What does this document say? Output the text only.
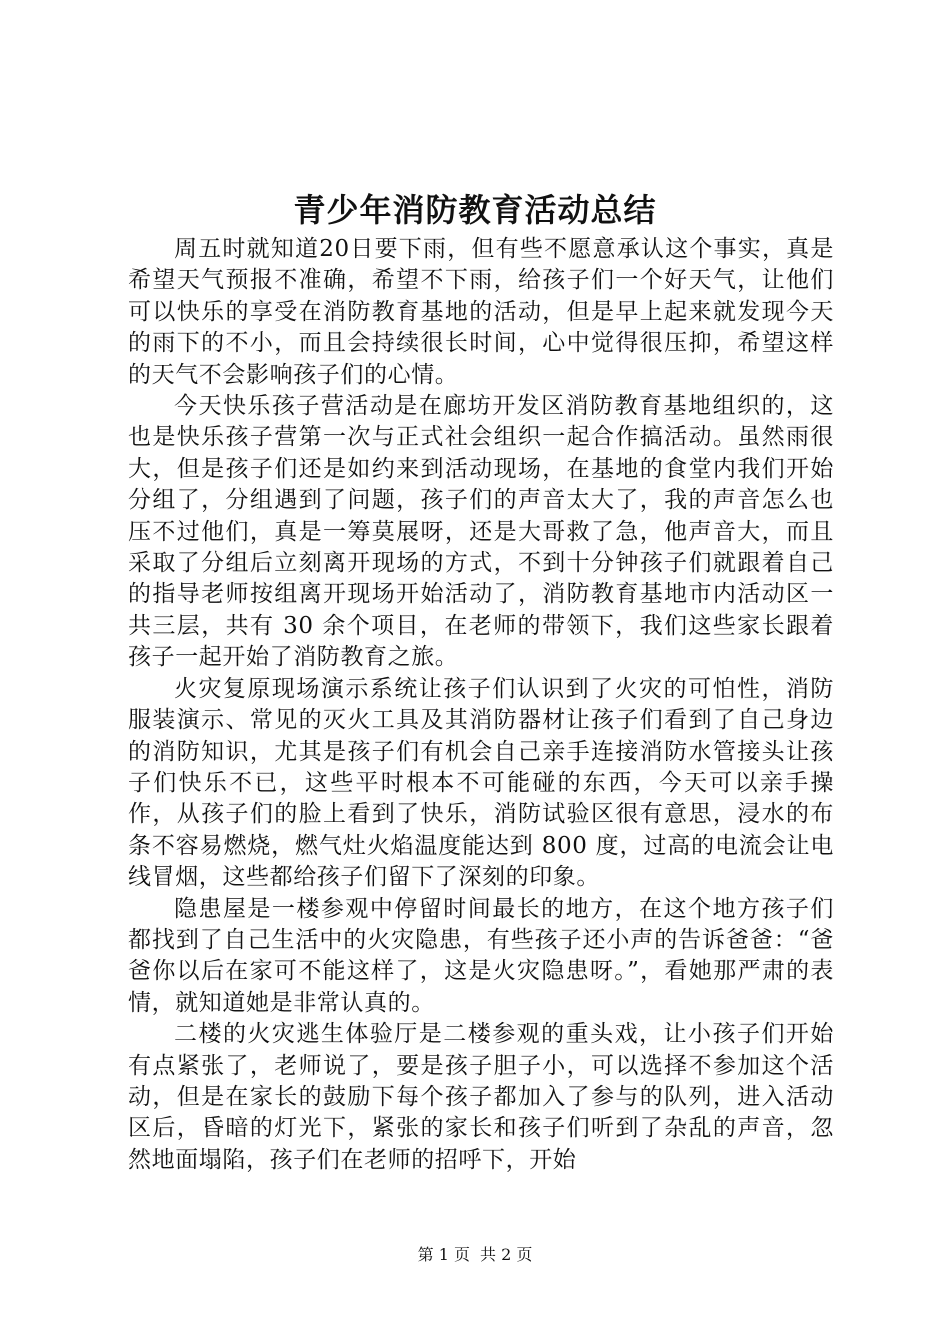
青少年消防教育活动总结

周五时就知道20日要下雨，但有些不愿意承认这个事实，真是希望天气预报不准确，希望不下雨，给孩子们一个好天气，让他们可以快乐的享受在消防教育基地的活动，但是早上起来就发现今天的雨下的不小，而且会持续很长时间，心中觉得很压抑，希望这样的天气不会影响孩子们的心情。

今天快乐孩子营活动是在廊坊开发区消防教育基地组织的，这也是快乐孩子营第一次与正式社会组织一起合作搞活动。虽然雨很大，但是孩子们还是如约来到活动现场，在基地的食堂内我们开始分组了，分组遇到了问题，孩子们的声音太大了，我的声音怎么也压不过他们，真是一筹莫展呀，还是大哥救了急，他声音大，而且采取了分组后立刻离开现场的方式，不到十分钟孩子们就跟着自己的指导老师按组离开现场开始活动了，消防教育基地市内活动区一共三层，共有 30 余个项目，在老师的带领下，我们这些家长跟着孩子一起开始了消防教育之旅。

火灾复原现场演示系统让孩子们认识到了火灾的可怕性，消防服装演示、常见的灭火工具及其消防器材让孩子们看到了自己身边的消防知识，尤其是孩子们有机会自己亲手连接消防水管接头让孩子们快乐不已，这些平时根本不可能碰的东西，今天可以亲手操作，从孩子们的脸上看到了快乐，消防试验区很有意思，浸水的布条不容易燃烧，燃气灶火焰温度能达到 800 度，过高的电流会让电线冒烟，这些都给孩子们留下了深刻的印象。

隐患屋是一楼参观中停留时间最长的地方，在这个地方孩子们都找到了自己生活中的火灾隐患，有些孩子还小声的告诉爸爸：“爸爸你以后在家可不能这样了，这是火灾隐患呀。”，看她那严肃的表情，就知道她是非常认真的。

二楼的火灾逃生体验厅是二楼参观的重头戏，让小孩子们开始有点紧张了，老师说了，要是孩子胆子小，可以选择不参加这个活动，但是在家长的鼓励下每个孩子都加入了参与的队列，进入活动区后，昏暗的灯光下，紧张的家长和孩子们听到了杂乱的声音，忽然地面塌陷，孩子们在老师的招呼下，开始

第 1 页 共 2 页
